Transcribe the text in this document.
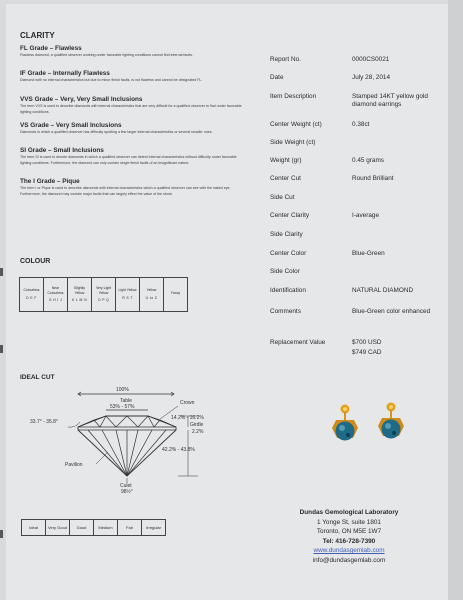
CLARITY
FL Grade – Flawless

Flawless diamond, a qualified observer working under favorable lighting conditions cannot find internal faults.

IF Grade – Internally Flawless

Diamond with no internal characteristics but due to minor finish faults, is not flawless and cannot be designated FL.

VVS Grade – Very, Very Small Inclusions

The term VVS is used to describe diamonds with internal characteristics that are very difficult for a qualified observer to find under favorable lighting conditions.

VS Grade – Very Small Inclusions

Diamonds in which a qualified observer has difficulty spotting a few larger internal characteristics or several smaller ones.

SI Grade – Small Inclusions

The term SI is used to denote diamonds in which a qualified observer can detect internal characteristics without difficulty under favorable lighting conditions. Furthermore, the diamond can only contain single finish faults of an insignificant nature.

The I Grade – Pique

The term I or Pique is used to describe diamonds with internal characteristics which a qualified observer can see with the naked eye. Furthermore, the diamond may contain major faults that can largely effect the value of the stone.

COLOUR
Colourless
D E F

Near Colourless
G H I J

Slightly Yellow
K L M N

Very Light Yellow
O P Q

Light Yellow
R S T

Yellow
U to Z

Fancy
IDEAL CUT
100%
Table
53% - 57%
Crown
33.7° - 35.8°
14.2% - 16.2%
Girdle
2.2%
42.2% - 43.8%
Pavilion
Culet
98½°
Ideal	Very Good	Good	Medium	Fair	Irregular
Report No.	0000CS0021
Date	July 28, 2014
Item Description	Stamped 14KT yellow gold diamond earrings
Center Weight (ct)	0.38ct
Side Weight (ct)
Weight (gr)	0.45 grams
Center Cut	Round Brilliant
Side Cut
Center Clarity	I-average
Side Clarity
Center Color	Blue-Green
Side Color
Identification	NATURAL DIAMOND
Comments	Blue-Green color enhanced
Replacement Value	$700 USD
$749 CAD
Dundas Gemological Laboratory
1 Yonge St, suite 1801
Toronto, ON M5E 1W7
Tel: 416-728-7390
www.dundasgemlab.com
info@dundasgemlab.com
